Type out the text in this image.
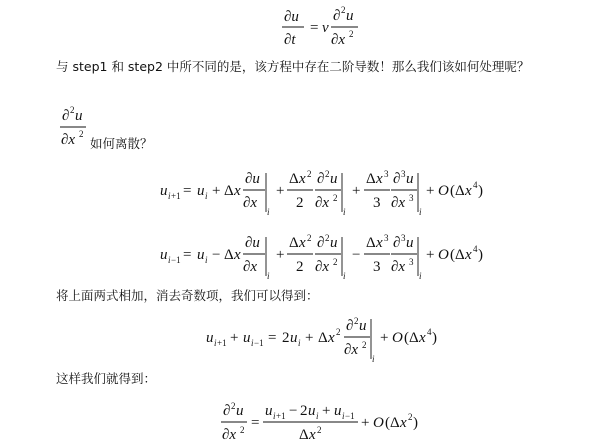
∂u
∂t
= ν
∂ 2 u
∂x 2
与 step1 和 step2 中所不同的是，该方程中存在二阶导数！那么我们该如何处理呢？
∂ 2 u
∂x 2
如何离散？
u i +1 = u i + Δ x
∂u
∂x
i
+
Δ x 2
2
∂ 2 u
∂x 2
i
+
Δ x 3
3
∂ 3 u
∂x 3
i
+ O (Δ x 4 )
u i −1 = u i − Δ x
∂u
∂x
i
+
Δ x 2
2
∂ 2 u
∂x 2
i
−
Δ x 3
3
∂ 3 u
∂x 3
i
+ O (Δ x 4 )
将上面两式相加，消去奇数项，我们可以得到：
u i +1 + u i −1 = 2 u i + Δ x 2 ∂ 2 u
∂x 2
i
+ O (Δ x 4 )
这样我们就得到：
∂ 2 u
∂x 2 =
u i +1 − 2 u i + u i −1
Δ x 2	+ O (Δ x 2 )
